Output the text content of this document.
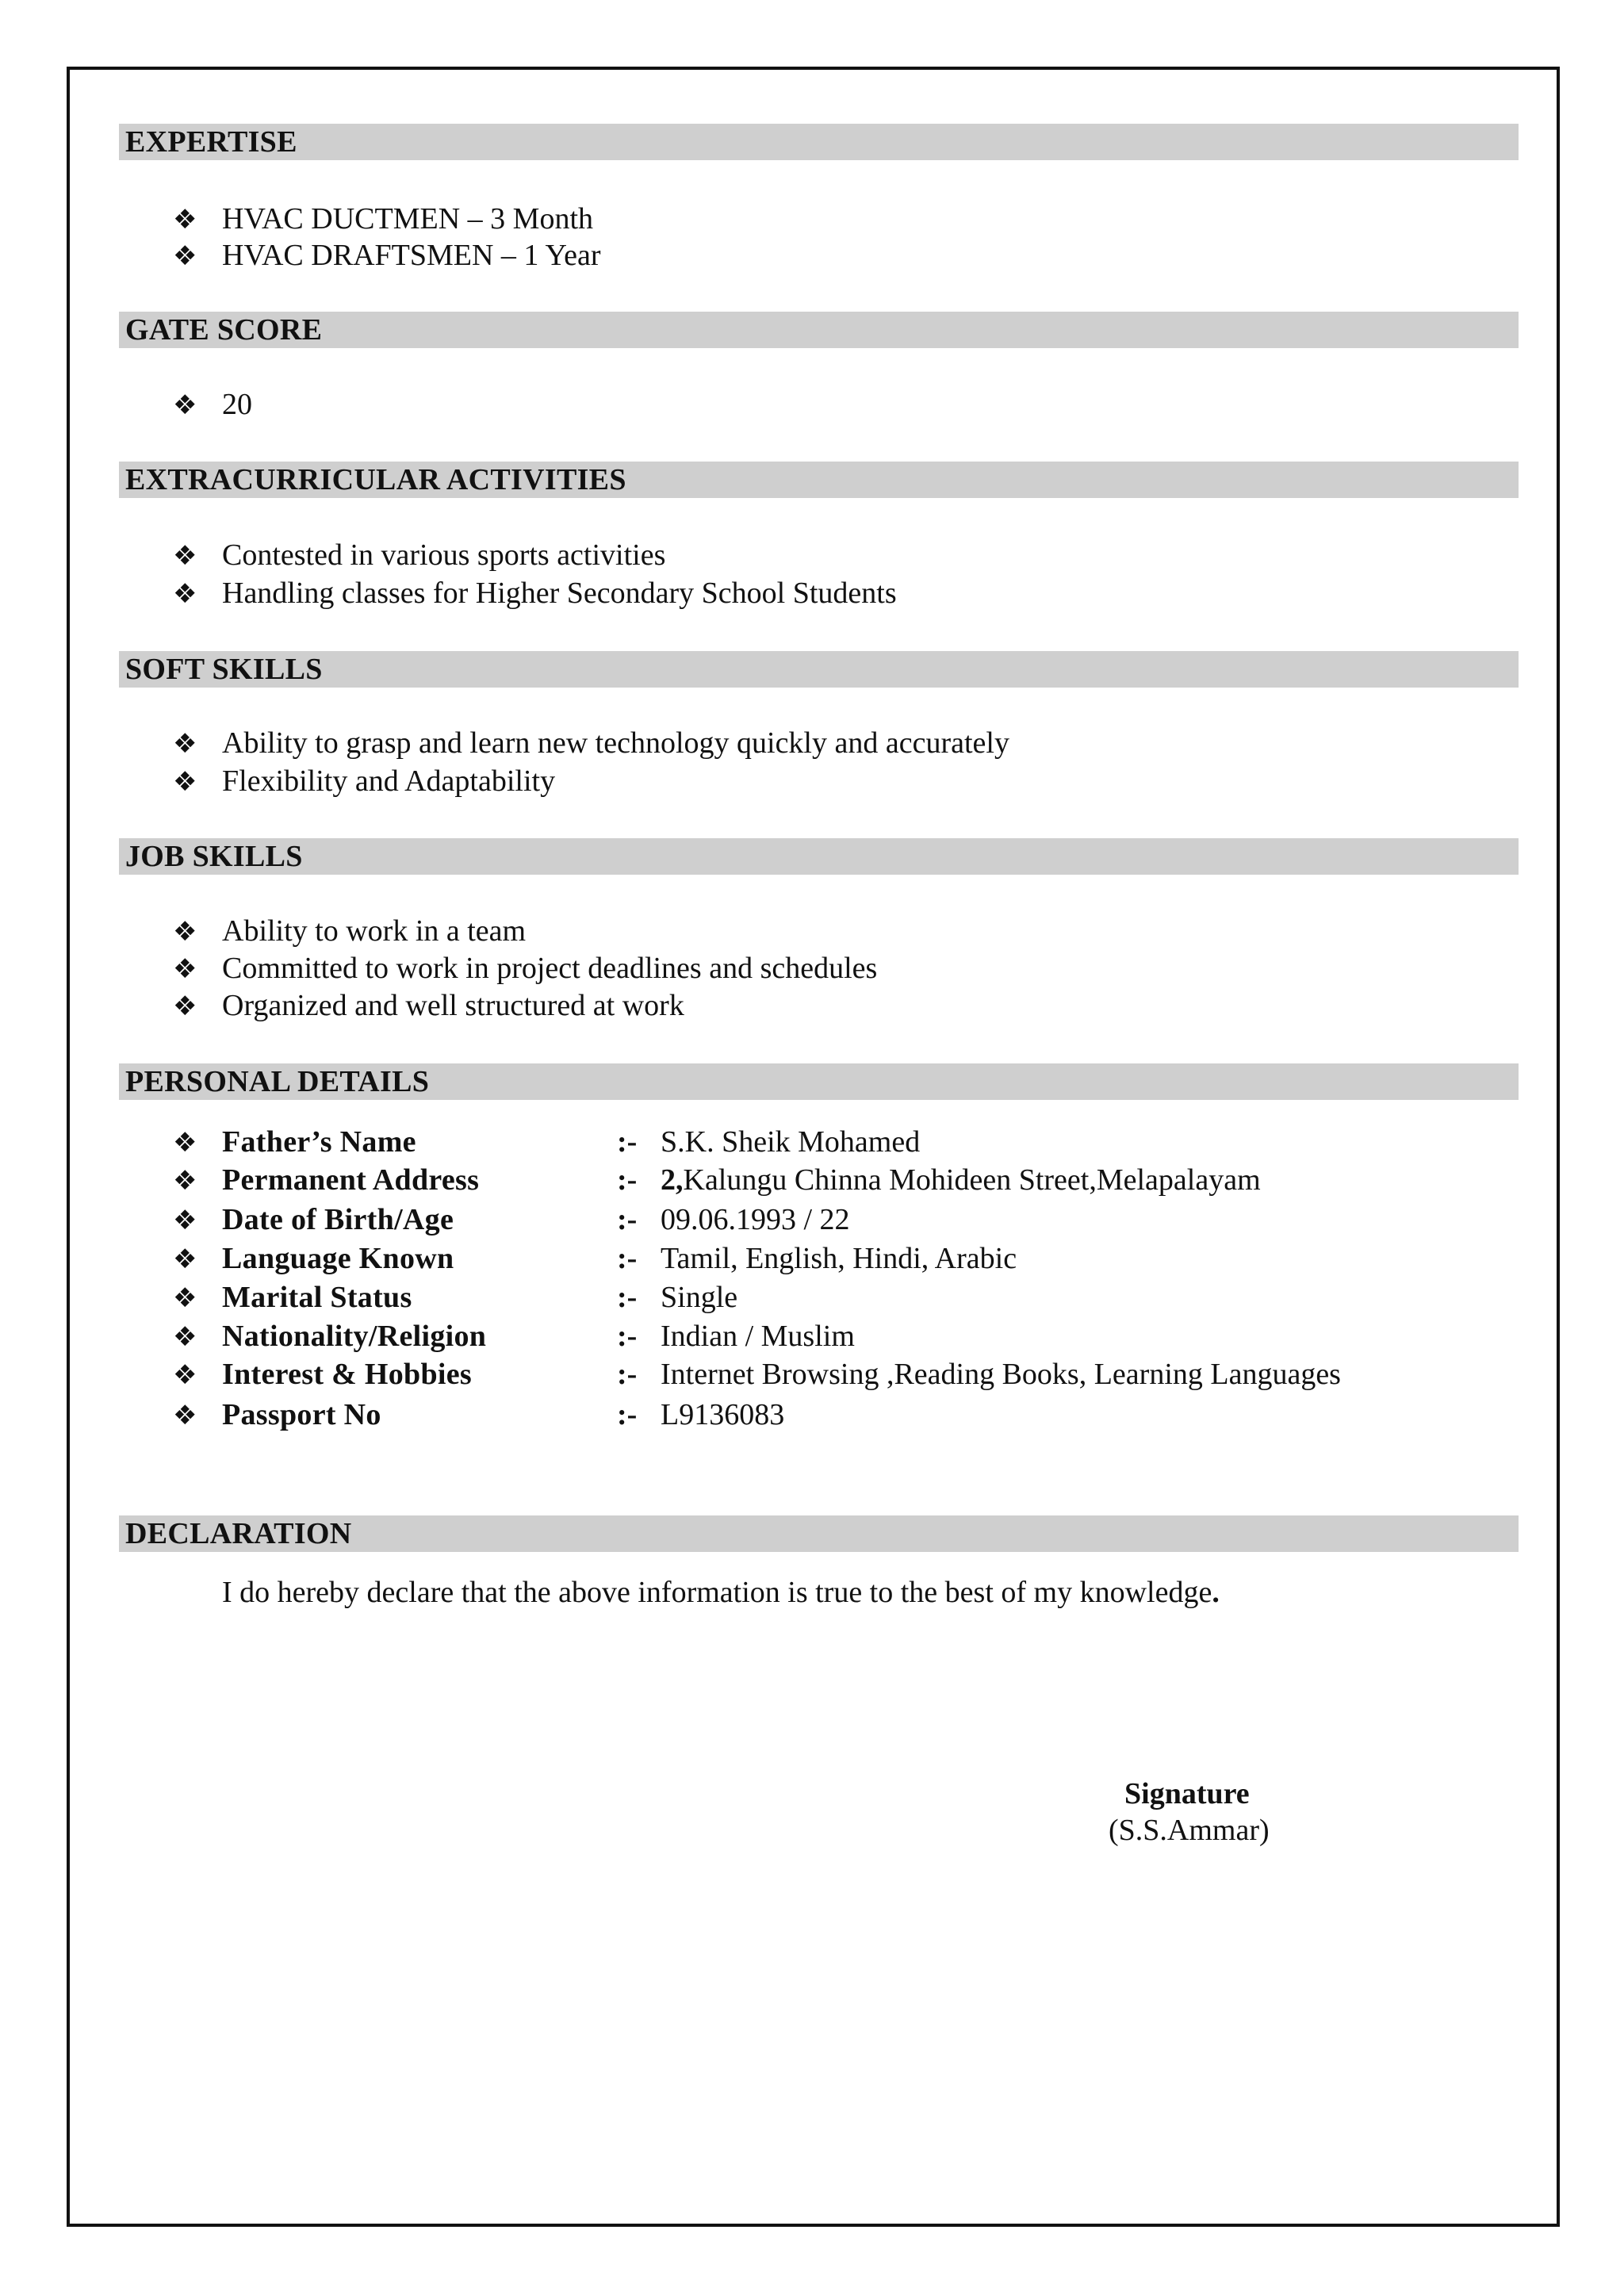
EXPERTISE
❖ HVAC DUCTMEN – 3 Month
❖ HVAC DRAFTSMEN – 1 Year
GATE SCORE
❖ 20
EXTRACURRICULAR ACTIVITIES
❖ Contested in various sports activities
❖ Handling classes for Higher Secondary School Students
SOFT SKILLS
❖ Ability to grasp and learn new technology quickly and accurately
❖ Flexibility and Adaptability
JOB SKILLS
❖ Ability to work in a team
❖ Committed to work in project deadlines and schedules
❖ Organized and well structured at work
PERSONAL DETAILS
❖ Father’s Name	:- S.K. Sheik Mohamed
❖ Permanent Address	:- 2,Kalungu Chinna Mohideen Street,Melapalayam
❖ Date of Birth/Age	:- 09.06.1993 / 22
❖ Language Known	:- Tamil, English, Hindi, Arabic
❖ Marital Status	:- Single
❖ Nationality/Religion	:- Indian / Muslim
❖ Interest & Hobbies	:- Internet Browsing ,Reading Books, Learning Languages
❖ Passport No	:- L9136083
DECLARATION
I do hereby declare that the above information is true to the best of my knowledge.
Signature
(S.S.Ammar)
